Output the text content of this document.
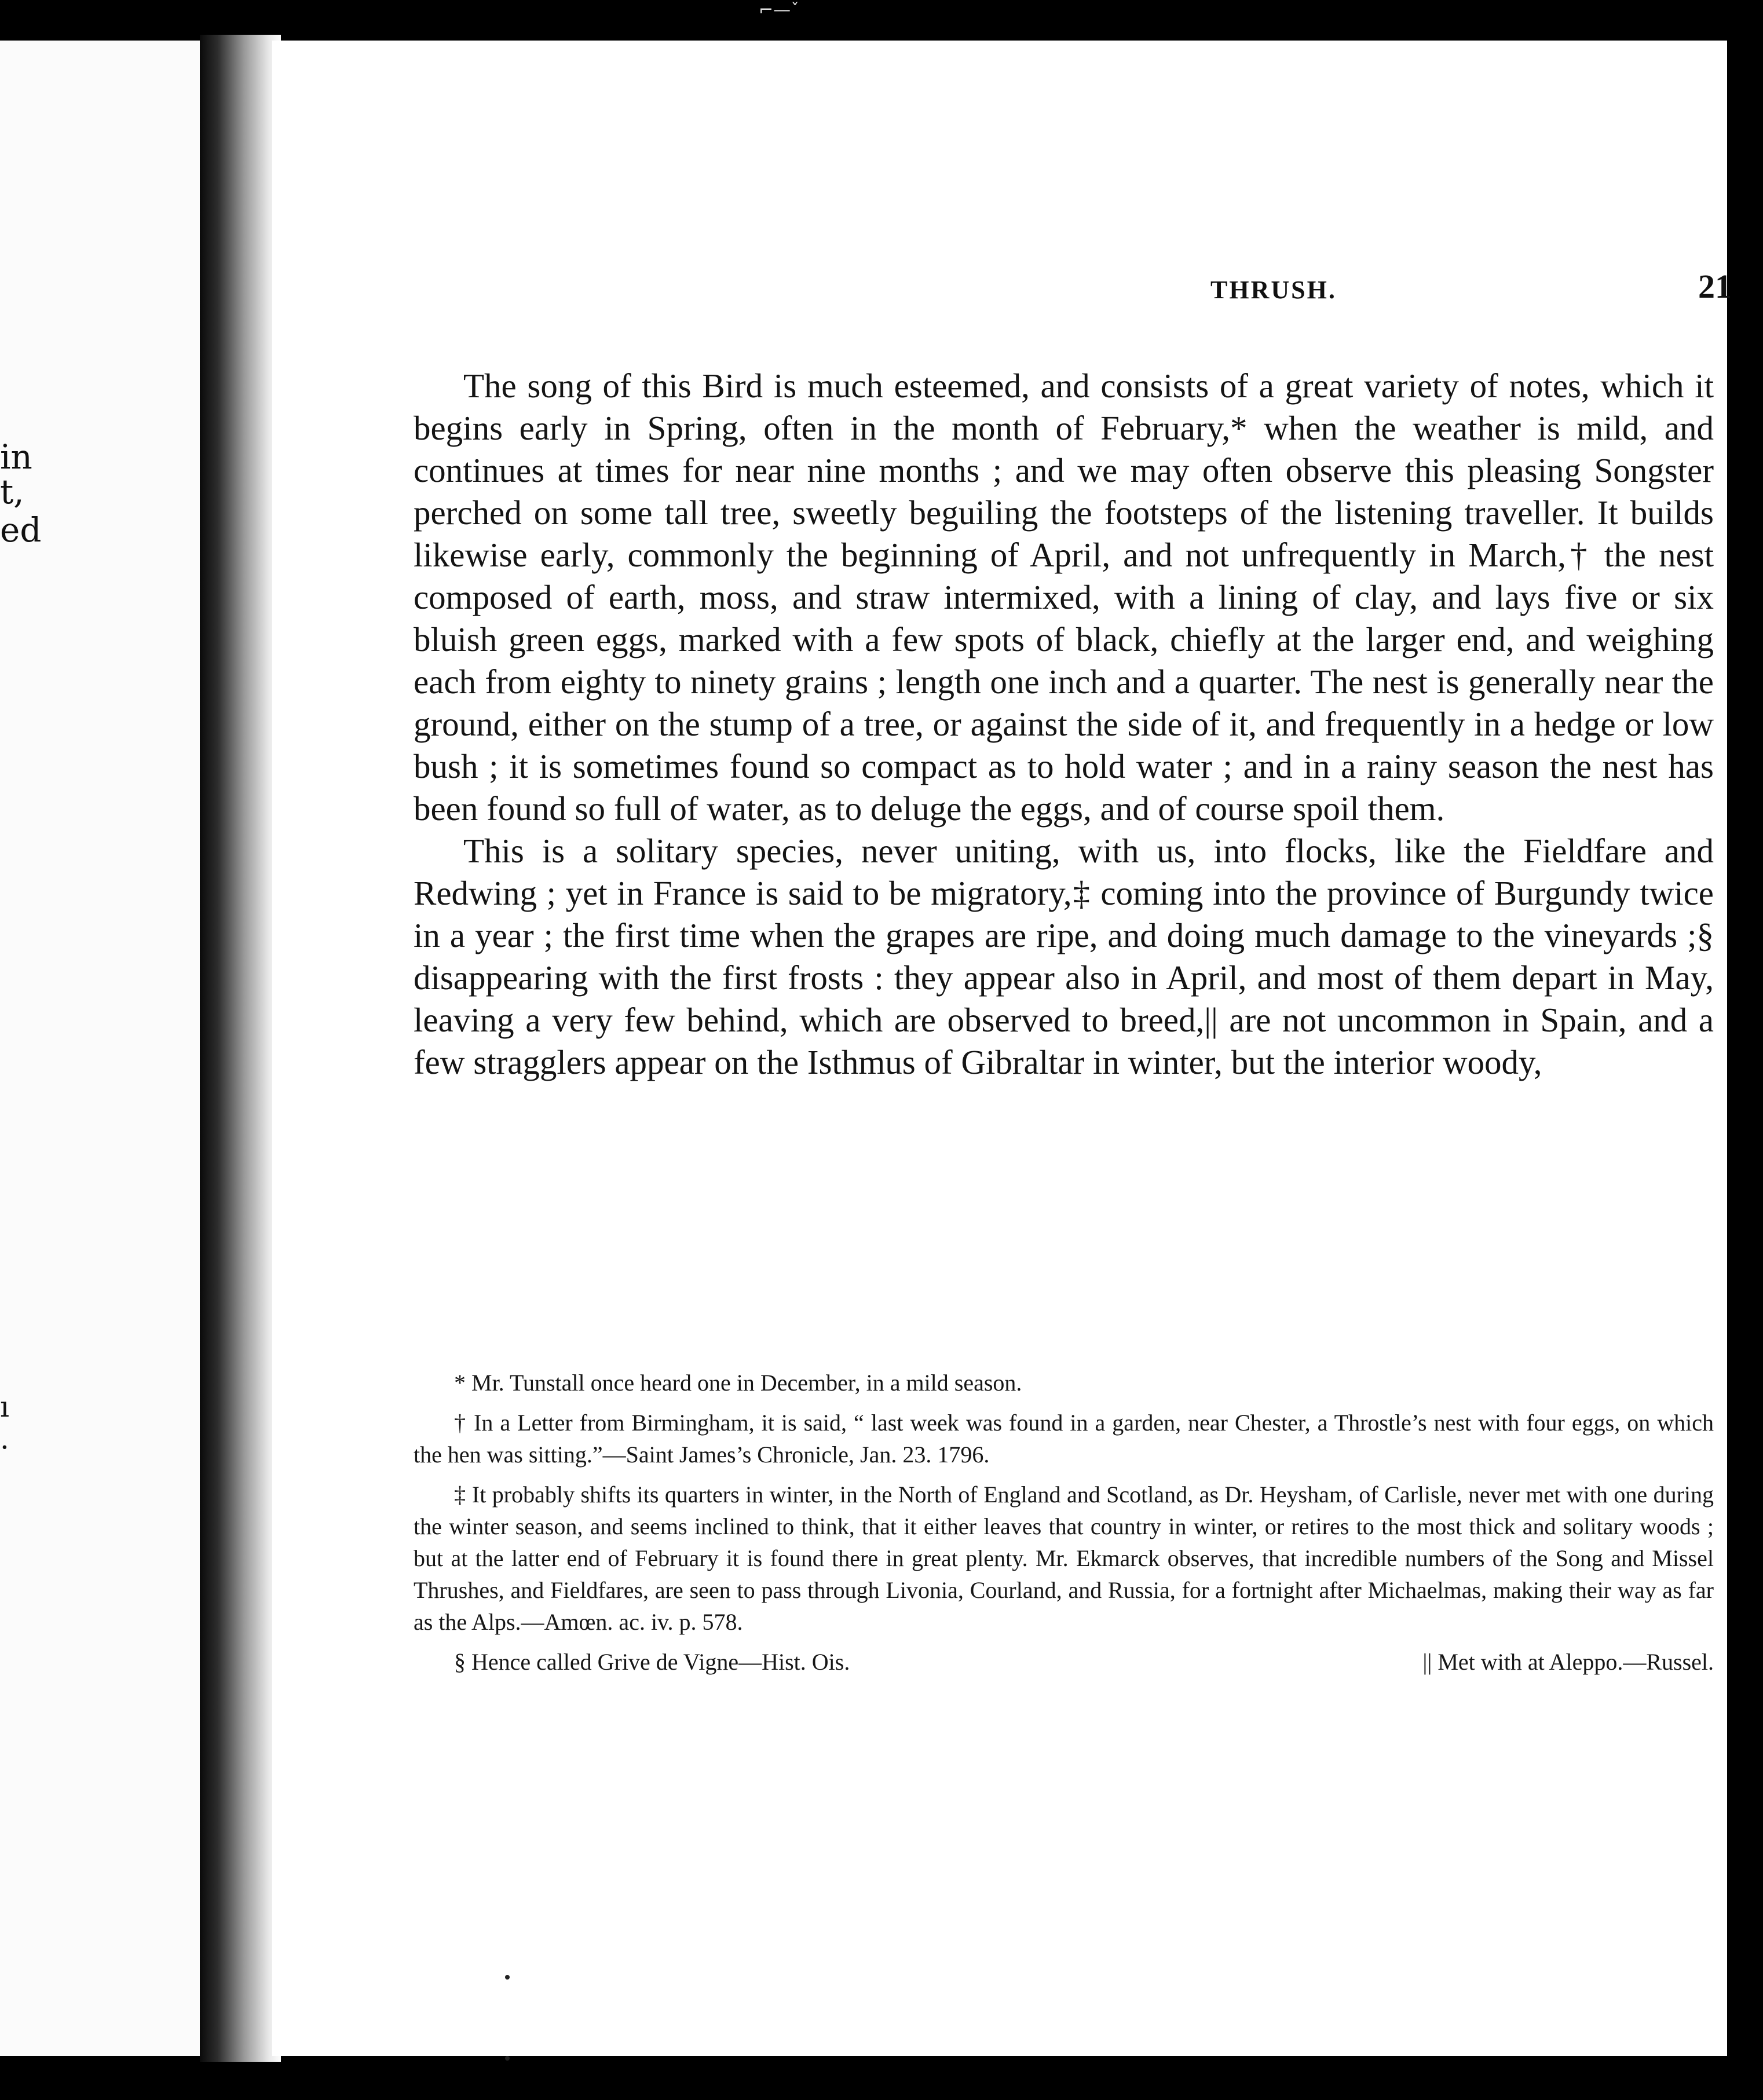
⌐—ˇ
in
t,
ed
ı
·
THRUSH.	21

The song of this Bird is much esteemed, and consists of a great variety of notes, which it begins early in Spring, often in the month of February,* when the weather is mild, and continues at times for near nine months ; and we may often observe this pleasing Songster perched on some tall tree, sweetly beguiling the footsteps of the listening traveller. It builds likewise early, commonly the beginning of April, and not unfrequently in March,† the nest composed of earth, moss, and straw intermixed, with a lining of clay, and lays five or six bluish green eggs, marked with a few spots of black, chiefly at the larger end, and weighing each from eighty to ninety grains ; length one inch and a quarter. The nest is generally near the ground, either on the stump of a tree, or against the side of it, and frequently in a hedge or low bush ; it is sometimes found so compact as to hold water ; and in a rainy season the nest has been found so full of water, as to deluge the eggs, and of course spoil them.

This is a solitary species, never uniting, with us, into flocks, like the Fieldfare and Redwing ; yet in France is said to be migratory,‡ coming into the province of Burgundy twice in a year ; the first time when the grapes are ripe, and doing much damage to the vineyards ;§ disappearing with the first frosts : they appear also in April, and most of them depart in May, leaving a very few behind, which are observed to breed,|| are not uncommon in Spain, and a few stragglers appear on the Isthmus of Gibraltar in winter, but the interior woody,

* Mr. Tunstall once heard one in December, in a mild season.

† In a Letter from Birmingham, it is said, “ last week was found in a garden, near Chester, a Throstle’s nest with four eggs, on which the hen was sitting.”—Saint James’s Chronicle, Jan. 23. 1796.

‡ It probably shifts its quarters in winter, in the North of England and Scotland, as Dr. Heysham, of Carlisle, never met with one during the winter season, and seems inclined to think, that it either leaves that country in winter, or retires to the most thick and solitary woods ; but at the latter end of February it is found there in great plenty. Mr. Ekmarck observes, that incredible numbers of the Song and Missel Thrushes, and Fieldfares, are seen to pass through Livonia, Courland, and Russia, for a fortnight after Michaelmas, making their way as far as the Alps.—Amœn. ac. iv. p. 578.

§ Hence called Grive de Vigne—Hist. Ois.	|| Met with at Aleppo.—Russel.
